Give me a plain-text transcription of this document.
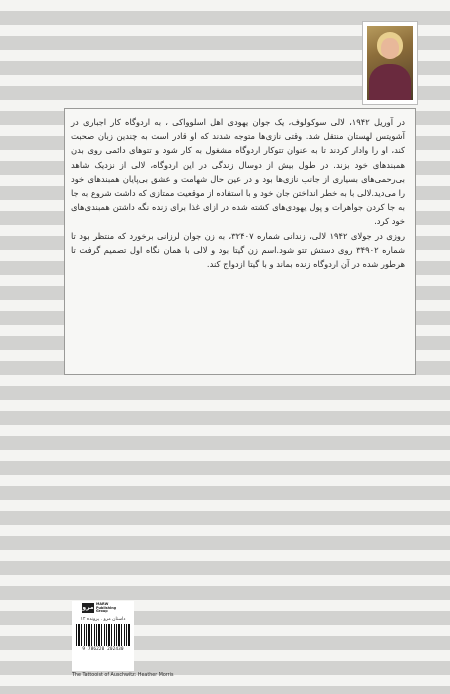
در آوریل ۱۹۴۲، لالی سوکولوف، یک جوان یهودی اهل اسلوواکی ، به اردوگاه کار اجباری در آشویتس لهستان منتقل شد. وقتی نازی‌ها متوجه شدند که او قادر است به چندین زبان صحبت کند، او را وادار کردند تا به عنوان تتوکار اردوگاه مشغول به کار شود و تتوهای دائمی روی بدن همبندهای خود بزند. در طول بیش از دوسال زندگی در این اردوگاه، لالی از نزدیک شاهد بی‌رحمی‌های بسیاری از جانب نازی‌ها بود و در عین حال شهامت و عشق بی‌پایان همبندهای خود را می‌دید.لالی با به خطر انداختن جان خود و با استفاده از موقعیت ممتازی که داشت شروع به جا به جا کردن جواهرات و پول یهودی‌های کشته شده در ازای غذا برای زنده نگه داشتن همبندی‌های خود کرد.

روزی در جولای ۱۹۴۲ لالی، زندانی شماره ۳۲۴۰۷، به زن جوان لرزانی برخورد که منتظر بود تا شماره ۳۴۹۰۲ روی دستش تتو شود.اسم زن گیتا بود و لالی با همان نگاه اول تصمیم گرفت تا هرطور شده در آن اردوگاه زنده بماند و با گیتا ازدواج کند.

مرو MARW Publishing Group
داستان مرو . پرونده ۱۲
9 786220 202430
The Tattooist of Auschwitz: Heather Morris
